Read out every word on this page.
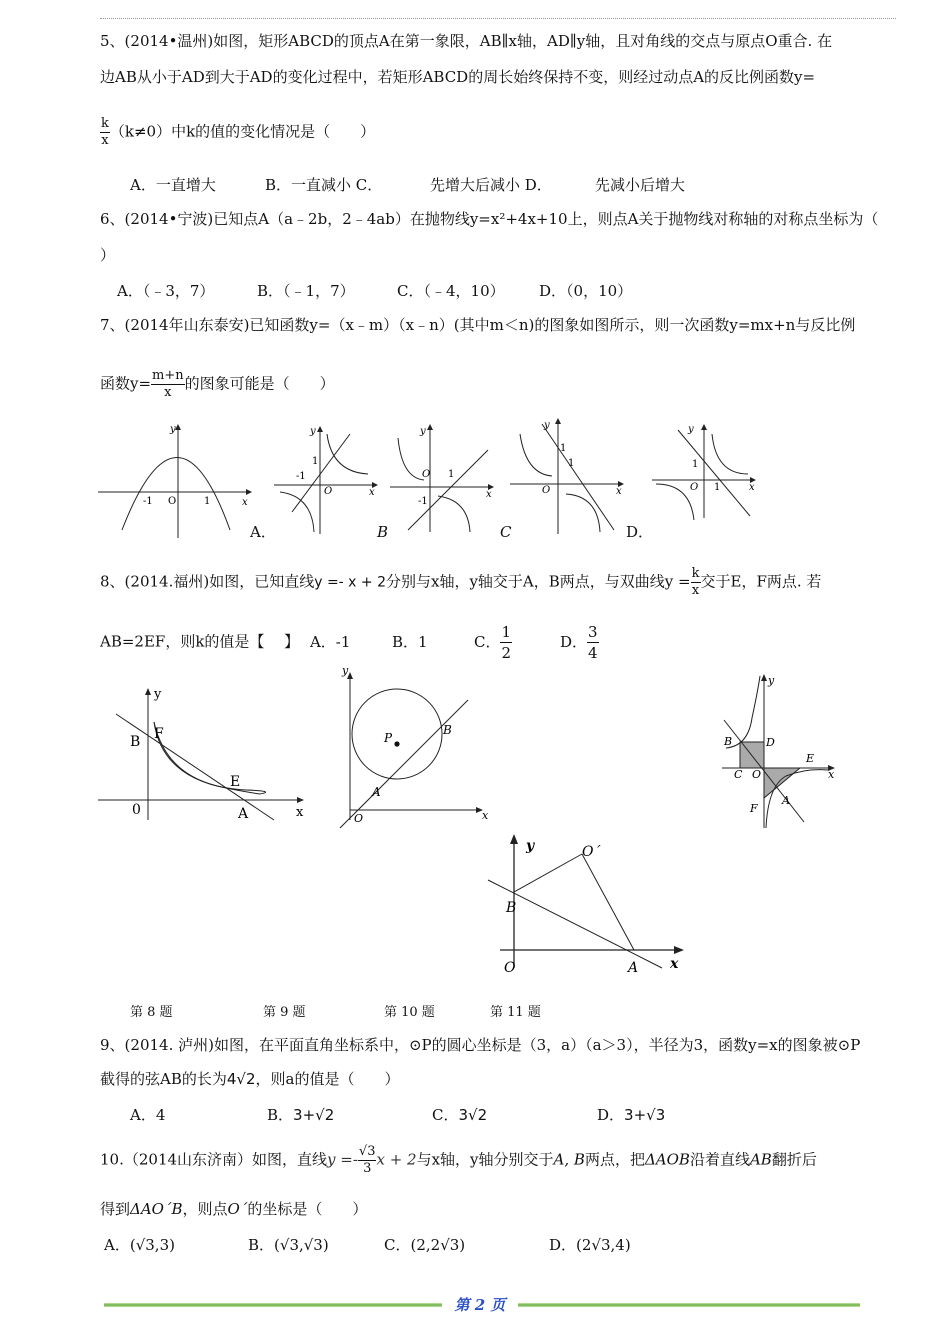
5、(2014•温州)如图，矩形ABCD的顶点A在第一象限，AB∥x轴，AD∥y轴，且对角线的交点与原点O重合. 在
边AB从小于AD到大于AD的变化过程中，若矩形ABCD的周长始终保持不变，则经过动点A的反比例函数y=
$\frac{k}{x} (k\ne 0)$中k的值的变化情况是（　　）
A．一直增大	B．一直减小 C．	先增大后减小 D．	先减小后增大
6、(2014•宁波)已知点A（a﹣2b，2﹣4ab）在抛物线y=x²+4x+10上，则点A关于抛物线对称轴的对称点坐标为（
）
A．（﹣3，7）	B．（﹣1，7）	C．（﹣4，10） D．（0，10）
7、(2014年山东泰安)已知函数y=（x﹣m）（x﹣n）(其中m＜n)的图象如图所示，则一次函数y=mx+n与反比例
函数$y= \frac{m+n}{x}$ 的图象可能是（　　）
y
x
O
-1	1
A．
y
x
-1
1
O
B
y
x
O 1
-1
C
y
x
1
1
O
D．
y
x
1
O 1
8、(2014.福州)如图，已知直线y =- x + 2分别与x轴，y轴交于A，B两点，与双曲线$y = \frac{k}{x}$ 交于E，F两点. 若
AB=2EF，则k的值是【　 】 A．-1	B．1	C． $\frac{1}{2}$	D． $\frac{3}{4}$
y
x
0
B F
E
A
y
x
O
P
B
A
y
x
B	D
C O
E
A
F
y
x
O´
B
O	A
第 8 题	第 9 题	第 10 题	第 11 题
9、(2014. 泸州)如图，在平面直角坐标系中，⊙P的圆心坐标是（3，a）（a＞3），半径为3，函数y=x的图象被⊙P
截得的弦AB的长为4√2，则a的值是（　　）
A．4	B．3+√2	C．3√2	D．3+√3
10.（2014山东济南）如图，直线$y =- \frac{√3}{3}$ x + 2与x轴，y轴分别交于A, B两点，把ΔAOB沿着直线AB翻折后
得到ΔAO´B，则点O´的坐标是（　　）
A．(√3,3)	B．(√3,√3)	C．(2,2√3)	D．(2√3,4)
第 2 页
